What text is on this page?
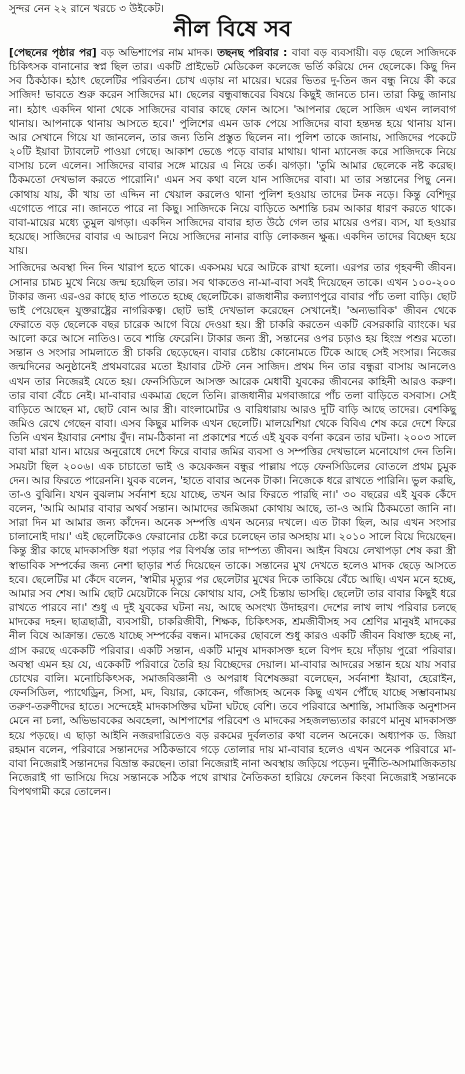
সুন্দর নেন ২২ রানে খরচে ৩ উইকেট।
নীল বিষে সব

[পেছনের পৃষ্ঠার পর] বড় অভিশাপের নাম মাদক। তছনছ পরিবার : বাবা বড় ব্যবসায়ী। বড় ছেলে সাজিদকে চিকিৎসক বানানোর স্বপ্ন ছিল তার। একটি প্রাইভেট মেডিকেল কলেজে ভর্তি করিয়ে দেন ছেলেকে। কিছু দিন সব ঠিকঠাক। হঠাৎ ছেলেটির পরিবর্তন। চোখ এড়ায় না মায়ের। ঘরের ভিতর দু-তিন জন বন্ধু নিয়ে কী করে সাজিদ! ভাবতে শুরু করেন সাজিদের মা। ছেলের বন্ধুবান্ধবের বিষয়ে কিছুই জানতে চান। তারা কিছু জানায় না। হঠাৎ একদিন থানা থেকে সাজিদের বাবার কাছে ফোন আসে। 'আপনার ছেলে সাজিদ এখন লালবাগ থানায়। আপনাকে থানায় আসতে হবে।' পুলিশের এমন ডাক পেয়ে সাজিদের বাবা হন্তদন্ত হয়ে থানায় যান। আর সেখানে গিয়ে যা জানলেন, তার জন্য তিনি প্রস্তুত ছিলেন না। পুলিশ তাকে জানায়, সাজিদের পকেটে ২০টি ইয়াবা ট্যাবলেট পাওয়া গেছে। আকাশ ভেঙে পড়ে বাবার মাথায়। থানা ম্যানেজ করে সাজিদকে নিয়ে বাসায় চলে এলেন। সাজিদের বাবার সঙ্গে মায়ের এ নিয়ে তর্ক। ঝগড়া। 'তুমি আমার ছেলেকে নষ্ট করেছ। ঠিকমতো দেখভাল করতে পারোনি।' এমন সব কথা বলে যান সাজিদের বাবা। মা তার সন্তানের পিছু নেন। কোথায় যায়, কী খায় তা এদ্দিন না খেয়াল করলেও থানা পুলিশ হওয়ায় তাদের টনক নড়ে। কিন্তু বেশিদূর এগোতে পারে না। জানতে পারে না কিছু। সাজিদকে নিয়ে বাড়িতে অশান্তি চরম আকার ধারণ করতে থাকে। বাবা-মায়ের মধ্যে তুমুল ঝগড়া। একদিন সাজিদের বাবার হাত উঠে গেল তার মায়ের ওপর। ব্যস, যা হওয়ার হয়েছে। সাজিদের বাবার এ আচরণ নিয়ে সাজিদের নানার বাড়ি লোকজন ক্ষুব্ধ। একদিন তাদের বিচ্ছেদ হয়ে যায়।

সাজিদের অবস্থা দিন দিন খারাপ হতে থাকে। একসময় ঘরে আটকে রাখা হলো। এরপর তার গৃহবন্দী জীবন। সোনার চামচ মুখে নিয়ে জন্ম হয়েছিল তার। সব থাকতেও না-মা-বাবা সবই দিয়েছেন তাকে। এখন ১০০-২০০ টাকার জন্য এর-ওর কাছে হাত পাততে হচ্ছে ছেলেটিকে। রাজধানীর কল্যাণপুরে বাবার পাঁচ তলা বাড়ি। ছোট ভাই পেয়েছেন যুক্তরাষ্ট্রের নাগরিকত্ব। ছোট ভাই দেখভাল করেছেন সেখানেই। 'অন্যভাবিক' জীবন থেকে ফেরাতে বড় ছেলেকে বছর চারেক আগে বিয়ে দেওয়া হয়। স্ত্রী চাকরি করতেন একটি বেসরকারি ব্যাংকে। ঘর আলো করে আসে নাতিও। তবে শান্তি ফেরেনি। টাকার জন্য স্ত্রী, সন্তানের ওপর চড়াও হয় হিংস্র পশুর মতো। সন্তান ও সংসার সামলাতে স্ত্রী চাকরি ছেড়েছেন। বাবার চেষ্টায় কোনোমতে টিকে আছে সেই সংসার। নিজের জন্মদিনের অনুষ্ঠানেই প্রথমবারের মতো ইয়াবার টেস্ট নেন সাজিদ। প্রথম দিন তার বন্ধুরা বাসায় আনলেও এখন তার নিজেরই যেতে হয়। ফেনসিডিলে আসক্ত আরেক মেধাবী যুবকের জীবনের কাহিনী আরও করুণ। তার বাবা বেঁচে নেই। মা-বাবার একমাত্র ছেলে তিনি। রাজধানীর মগবাজারে পাঁচ তলা বাড়িতে বসবাস। সেই বাড়িতে আছেন মা, ছোট বোন আর স্ত্রী। বাংলামোটর ও বারিধারায় আরও দুটি বাড়ি আছে তাদের। বেশকিছু জমিও রেখে গেছেন বাবা। এসব কিছুর মালিক এখন ছেলেটি। মালয়েশিয়া থেকে বিবিএ শেষ করে দেশে ফিরে তিনি এখন ইয়াবার নেশায় বুঁদ। নাম-ঠিকানা না প্রকাশের শর্তে এই যুবক বর্ণনা করেন তার ঘটনা। ২০০৩ সালে বাবা মারা যান। মায়ের অনুরোধে দেশে ফিরে বাবার জমির ব্যবসা ও সম্পত্তির দেখভালে মনোযোগ দেন তিনি। সময়টা ছিল ২০০৬। এক চাচাতো ভাই ও কয়েকজন বন্ধুর পাল্লায় পড়ে ফেনসিডিলের বোতলে প্রথম চুমুক দেন। আর ফিরতে পারেননি। যুবক বলেন, 'হাতে বাবার অনেক টাকা। নিজেকে ধরে রাখতে পারিনি। ভুল করছি, তা-ও বুঝিনি। যখন বুঝলাম সর্বনাশ হয়ে যাচ্ছে, তখন আর ফিরতে পারছি না।' ৩০ বছরের এই যুবক কেঁদে বলেন, 'আমি আমার বাবার অথর্ব সন্তান। আমাদের জমিজমা কোথায় আছে, তা-ও আমি ঠিকমতো জানি না। সারা দিন মা আমার জন্য কাঁদেন। অনেক সম্পত্তি এখন অন্যের দখলে। এত টাকা ছিল, আর এখন সংসার চালানোই দায়।' এই ছেলেটিকেও ফেরানোর চেষ্টা করে চলেছেন তার অসহায় মা। ২০১০ সালে বিয়ে দিয়েছেন। কিন্তু স্ত্রীর কাছে মাদকাসক্তি ধরা পড়ার পর বিপর্যস্ত তার দাম্পত্য জীবন। আইন বিষয়ে লেখাপড়া শেষ করা স্ত্রী স্বাভাবিক সম্পর্কের জন্য নেশা ছাড়ার শর্ত দিয়েছেন তাকে। সন্তানের মুখ দেখতে হলেও মাদক ছেড়ে আসতে হবে। ছেলেটির মা কেঁদে বলেন, 'স্বামীর মৃত্যুর পর ছেলেটার মুখের দিকে তাকিয়ে বেঁচে আছি। এখন মনে হচ্ছে, আমার সব শেষ। আমি ছোট মেয়েটাকে নিয়ে কোথায় যাব, সেই চিন্তায় ভাসছি। ছেলেটা তার বাবার কিছুই ধরে রাখতে পারবে না।' শুধু এ দুই যুবকের ঘটনা নয়, আছে অসংখ্য উদাহরণ। দেশের লাখ লাখ পরিবার চলছে মাদকের দহন। ছাত্রছাত্রী, ব্যবসায়ী, চাকরিজীবী, শিক্ষক, চিকিৎসক, শ্রমজীবীসহ সব শ্রেণির মানুষই মাদকের নীল বিষে আক্রান্ত। ভেঙে যাচ্ছে সম্পর্কের বন্ধন। মাদকের ছোবলে শুধু কারও একটি জীবন বিষাক্ত হচ্ছে না, গ্রাস করছে একেকটি পরিবার। একটি সন্তান, একটি মানুষ মাদকাসক্ত হলে বিপদ হয়ে দাঁড়ায় পুরো পরিবার। অবস্থা এমন হয় যে, একেকটি পরিবারে তৈরি হয় বিচ্ছেদের দেয়াল। মা-বাবার আদরের সন্তান হয়ে যায় সবার চোখের বালি। মনোচিকিৎসক, সমাজবিজ্ঞানী ও অপরাধ বিশেষজ্ঞরা বলেছেন, সর্বনাশা ইয়াবা, হেরোইন, ফেনসিডিল, প্যাথেড্রিন, সিসা, মদ, বিয়ার, কোকেন, গাঁজাসহ অনেক কিছু এখন পৌঁছে যাচ্ছে সম্ভাবনাময় তরুণ-তরুণীদের হাতে। সন্দেহেই মাদকাসক্তির ঘটনা ঘটছে বেশি। তবে পরিবারে অশান্তি, সামাজিক অনুশাসন মেনে না চলা, অভিভাবকের অবহেলা, আশপাশের পরিবেশ ও মাদকের সহজলভ্যতার কারণে মানুষ মাদকাসক্ত হয়ে পড়ছে। এ ছাড়া আইনি নজরদারিতেও বড় রকমের দুর্বলতার কথা বলেন অনেকে। অধ্যাপক ড. জিয়া রহমান বলেন, পরিবারে সন্তানদের সঠিকভাবে গড়ে তোলার দায় মা-বাবার হলেও এখন অনেক পরিবারে মা-বাবা নিজেরাই সন্তানদের বিভ্রান্ত করছেন। তারা নিজেরাই নানা অবস্থায় জড়িয়ে পড়েন। দুর্নীতি-অসামাজিকতায় নিজেরাই গা ভাসিয়ে দিয়ে সন্তানকে সঠিক পথে রাখার নৈতিকতা হারিয়ে ফেলেন কিংবা নিজেরাই সন্তানকে বিপথগামী করে তোলেন।
